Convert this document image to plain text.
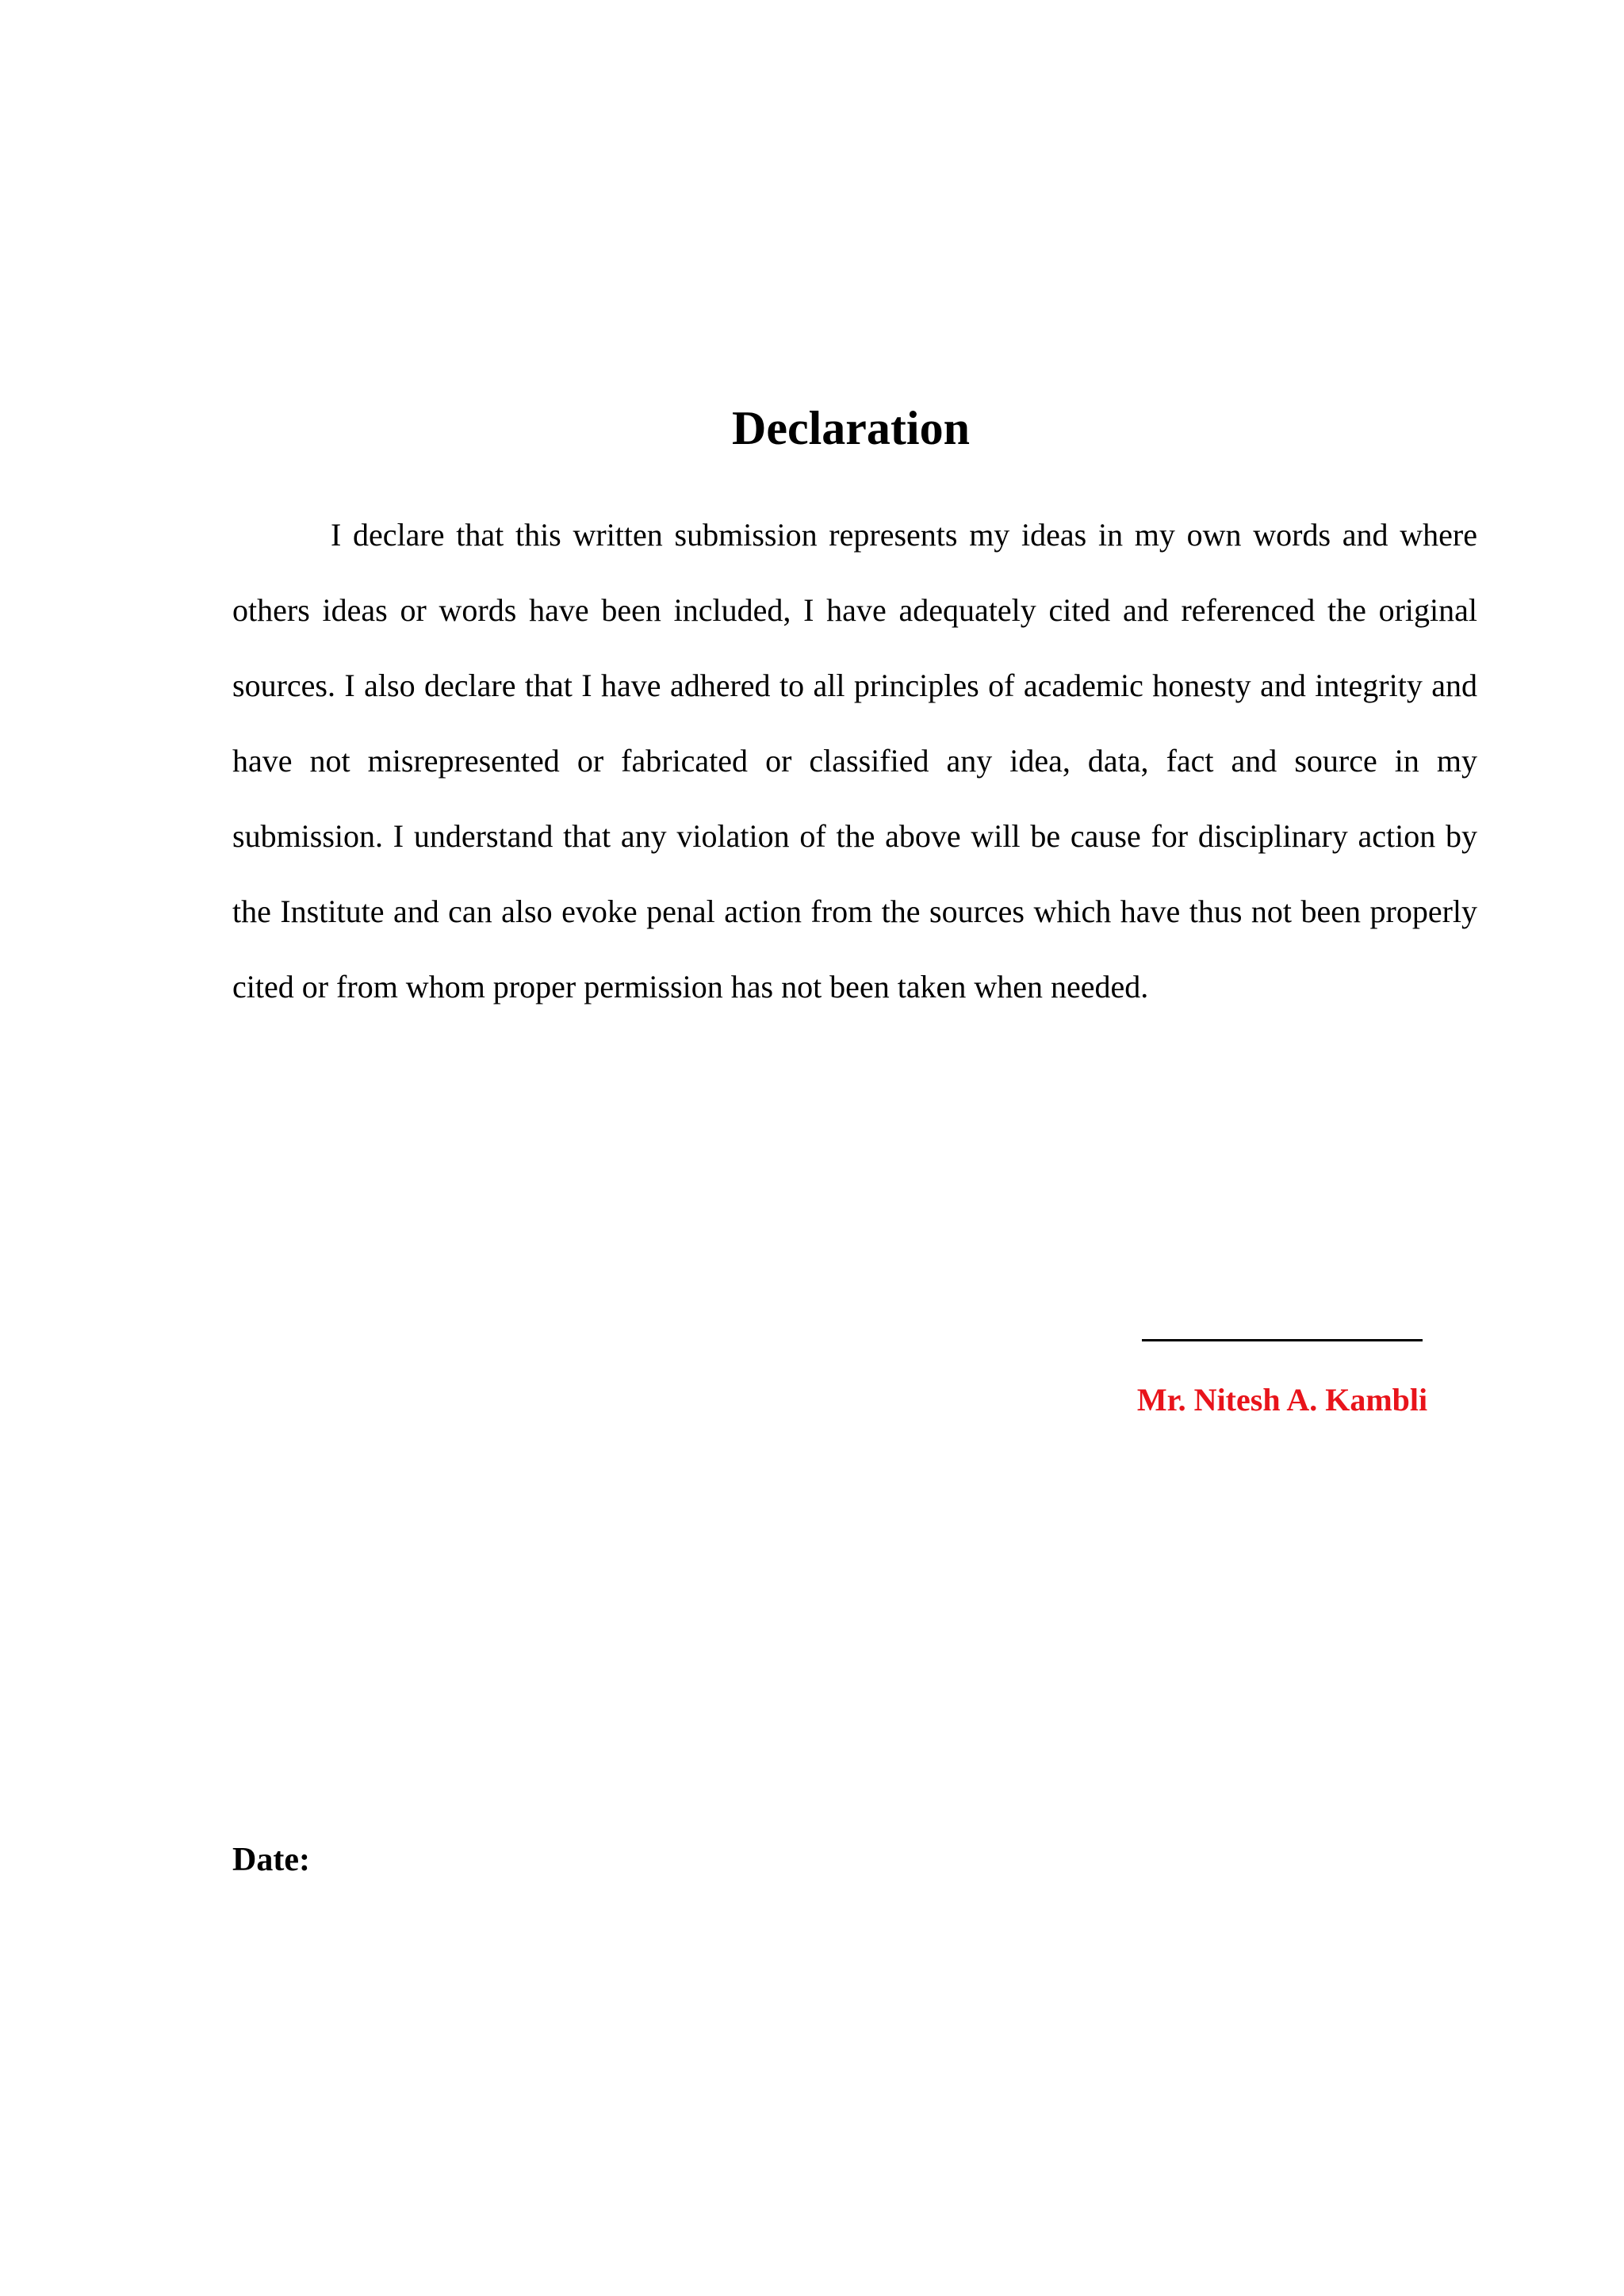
Declaration

I declare that this written submission represents my ideas in my own words and where others ideas or words have been included, I have adequately cited and referenced the original sources. I also declare that I have adhered to all principles of academic honesty and integrity and have not misrepresented or fabricated or classified any idea, data, fact and source in my submission. I understand that any violation of the above will be cause for disciplinary action by the Institute and can also evoke penal action from the sources which have thus not been properly cited or from whom proper permission has not been taken when needed.

Mr. Nitesh A. Kambli

Date:
